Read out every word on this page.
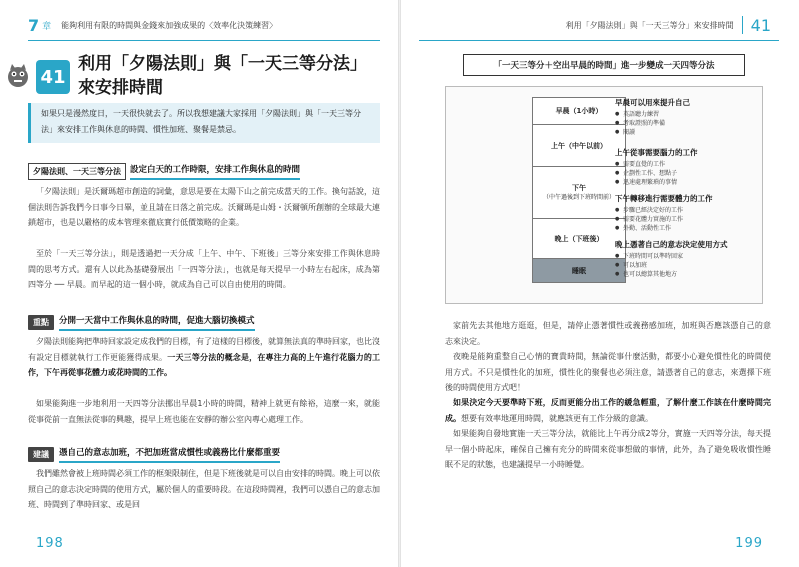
7 章 能夠利用有限的時間與金錢來加強成果的〈效率化決策練習〉
41
利用「夕陽法則」與「一天三等分法」來安排時間
如果只是漫然度日，一天很快就去了。所以我想建議大家採用「夕陽法則」與「一天三等分法」來安排工作與休息的時間、慣性加班、聚餐是禁忌。
夕陽法則、一天三等分法	設定白天的工作時限，安排工作與休息的時間

「夕陽法則」是沃爾瑪超市創造的詞彙，意思是要在太陽下山之前完成當天的工作。換句話說，這個法則告訴我們今日事今日畢，並且請在日落之前完成。沃爾瑪是山姆・沃爾頓所創辦的全球最大連鎖超市，也是以嚴格的成本管理來徹底實行低價策略的企業。

至於「一天三等分法」，則是透過把一天分成「上午、中午、下班後」三等分來安排工作與休息時間的思考方式。還有人以此為基礎發展出「一四等分法」，也就是每天提早一小時左右起床，成為第四等分 ── 早晨。而早起的這一個小時，就成為自己可以自由使用的時間。

重點	分開一天當中工作與休息的時間，促進大腦切換模式

夕陽法則能夠把準時回家設定成我們的目標，有了這樣的目標後，就算無法真的準時回家，也比沒有設定目標就執行工作更能獲得成果。一天三等分法的概念是，在專注力高的上午進行花腦力的工作，下午再從事花體力或花時間的工作。

如果能夠進一步地利用一天四等分法挪出早晨1小時的時間，精神上就更有餘裕，這麼一來，就能從事從前一直無法從事的興趣，提早上班也能在安靜的辦公室內專心處理工作。

建議	憑自己的意志加班，不把加班當成慣性或義務比什麼都重要

我們雖然會被上班時間必須工作的框架限制住，但是下班後就是可以自由安排的時間。晚上可以依照自己的意志決定時間的使用方式，屬於個人的重要時段。在這段時間裡，我們可以憑自己的意志加班、時間到了準時回家、或是回

198
利用「夕陽法則」與「一天三等分」來安排時間 41
「一天三等分＋空出早晨的時間」進一步變成一天四等分法
早晨（1小時）
上午（中午以前）
下午
（中午過後到下班時間前）
晚上（下班後）
睡眠
早晨可以用來提升自己
● 英語聽力練習
● 考取證照的準備
● 閱讀
上午從事需要腦力的工作
● 需要直覺的工作
● 企劃性工作、想點子
● 迅速處理繁瑣的事情
下午轉移進行需要體力的工作
● 步驟已經決定好的工作
● 需要花體力實施的工作
● 外勤、活動性工作
晚上憑著自己的意志決定使用方式
● 下班時間可以準時回家
● 可以加班
● 也可以總算其他地方

家前先去其他地方逛逛，但是，請停止憑著慣性或義務感加班，加班與否應該憑自己的意志來決定。

夜晚是能夠重整自己心情的寶貴時間，無論從事什麼活動，都要小心避免慣性化的時間使用方式。不只是慣性化的加班，慣性化的聚餐也必須注意，請憑著自己的意志，來選擇下班後的時間使用方式吧！

如果決定今天要準時下班，反而更能分出工作的緩急輕重，了解什麼工作該在什麼時間完成。想要有效率地運用時間，就應該更有工作分級的意識。

如果能夠自發地實施一天三等分法，就能比上午再分成2等分，實施一天四等分法，每天提早一個小時起床，確保自己擁有充分的時間來從事想做的事情，此外，為了避免吸收慣性睡眠不足的狀態，也建議提早一小時睡覺。

199
